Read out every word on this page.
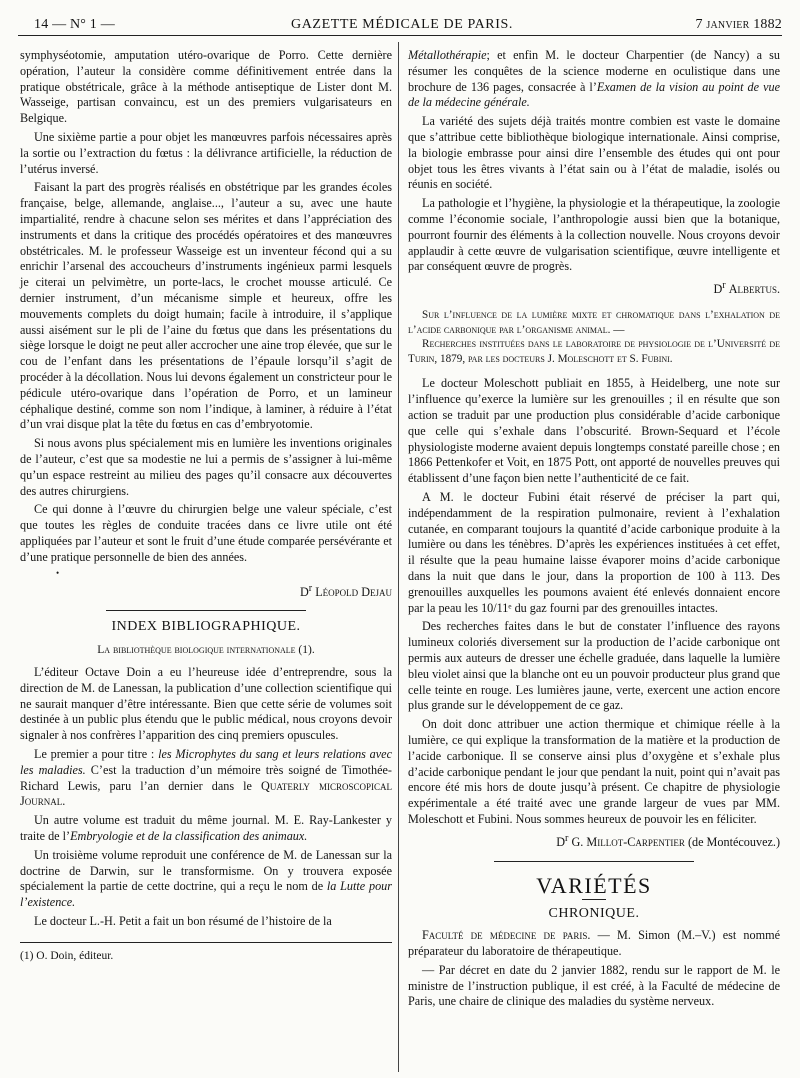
14 — N° 1 —	GAZETTE MÉDICALE DE PARIS.	7 janvier 1882

symphyséotomie, amputation utéro-ovarique de Porro. Cette dernière opération, l’auteur la considère comme définitivement entrée dans la pratique obstétricale, grâce à la méthode antiseptique de Lister dont M. Wasseige, partisan convaincu, est un des premiers vulgarisateurs en Belgique.

Une sixième partie a pour objet les manœuvres parfois nécessaires après la sortie ou l’extraction du fœtus : la délivrance artificielle, la réduction de l’utérus inversé.

Faisant la part des progrès réalisés en obstétrique par les grandes écoles française, belge, allemande, anglaise..., l’auteur a su, avec une haute impartialité, rendre à chacune selon ses mérites et dans l’appréciation des instruments et dans la critique des procédés opératoires et des manœuvres obstétricales. M. le professeur Wasseige est un inventeur fécond qui a su enrichir l’arsenal des accoucheurs d’instruments ingénieux parmi lesquels je citerai un pelvimètre, un porte-lacs, le crochet mousse articulé. Ce dernier instrument, d’un mécanisme simple et heureux, offre les mouvements complets du doigt humain; facile à introduire, il s’applique aussi aisément sur le pli de l’aine du fœtus que dans les présentations du siège lorsque le doigt ne peut aller accrocher une aine trop élevée, que sur le cou de l’enfant dans les présentations de l’épaule lorsqu’il s’agit de procéder à la décollation. Nous lui devons également un constricteur pour le pédicule utéro-ovarique dans l’opération de Porro, et un lamineur céphalique destiné, comme son nom l’indique, à laminer, à réduire à l’état d’un vrai disque plat la tête du fœtus en cas d’embryotomie.

Si nous avons plus spécialement mis en lumière les inventions originales de l’auteur, c’est que sa modestie ne lui a permis de s’assigner à lui-même qu’un espace restreint au milieu des pages qu’il consacre aux découvertes des autres chirurgiens.

Ce qui donne à l’œuvre du chirurgien belge une valeur spéciale, c’est que toutes les règles de conduite tracées dans ce livre utile ont été appliquées par l’auteur et sont le fruit d’une étude comparée persévérante et d’une pratique personnelle de bien des années.

•

$D^r$ Léopold Dejau

INDEX BIBLIOGRAPHIQUE.
La bibliothèque biologique internationale (1).

L’éditeur Octave Doin a eu l’heureuse idée d’entreprendre, sous la direction de M. de Lanessan, la publication d’une collection scientifique qui ne saurait manquer d’être intéressante. Bien que cette série de volumes soit destinée à un public plus étendu que le public médical, nous croyons devoir signaler à nos confrères l’apparition des cinq premiers opuscules.

Le premier a pour titre : les Microphytes du sang et leurs relations avec les maladies. C’est la traduction d’un mémoire très soigné de Timothée-Richard Lewis, paru l’an dernier dans le Quaterly microscopical Journal.

Un autre volume est traduit du même journal. M. E. Ray-Lankester y traite de l’Embryologie et de la classification des animaux.

Un troisième volume reproduit une conférence de M. de Lanessan sur la doctrine de Darwin, sur le transformisme. On y trouvera exposée spécialement la partie de cette doctrine, qui a reçu le nom de la Lutte pour l’existence.

Le docteur L.-H. Petit a fait un bon résumé de l’histoire de la

(1) O. Doin, éditeur.

Métallothérapie; et enfin M. le docteur Charpentier (de Nancy) a su résumer les conquêtes de la science moderne en oculistique dans une brochure de 136 pages, consacrée à l’Examen de la vision au point de vue de la médecine générale.

La variété des sujets déjà traités montre combien est vaste le domaine que s’attribue cette bibliothèque biologique internationale. Ainsi comprise, la biologie embrasse pour ainsi dire l’ensemble des études qui ont pour objet tous les êtres vivants à l’état sain ou à l’état de maladie, isolés ou réunis en société.

La pathologie et l’hygiène, la physiologie et la thérapeutique, la zoologie comme l’économie sociale, l’anthropologie aussi bien que la botanique, pourront fournir des éléments à la collection nouvelle. Nous croyons devoir applaudir à cette œuvre de vulgarisation scientifique, œuvre intelligente et par conséquent œuvre de progrès.

$D^r$ Albertus.

Sur l’influence de la lumière mixte et chromatique dans l’exhalation de l’acide carbonique par l’organisme animal. —
Recherches instituées dans le laboratoire de physiologie de l’Université de Turin, 1879, par les docteurs J. Moleschott et S. Fubini.

Le docteur Moleschott publiait en 1855, à Heidelberg, une note sur l’influence qu’exerce la lumière sur les grenouilles ; il en résulte que son action se traduit par une production plus considérable d’acide carbonique que celle qui s’exhale dans l’obscurité. Brown-Sequard et l’école physiologiste moderne avaient depuis longtemps constaté pareille chose ; en 1866 Pettenkofer et Voit, en 1875 Pott, ont apporté de nouvelles preuves qui établissent d’une façon bien nette l’authenticité de ce fait.

A M. le docteur Fubini était réservé de préciser la part qui, indépendamment de la respiration pulmonaire, revient à l’exhalation cutanée, en comparant toujours la quantité d’acide carbonique produite à la lumière ou dans les ténèbres. D’après les expériences instituées à cet effet, il résulte que la peau humaine laisse évaporer moins d’acide carbonique dans la nuit que dans le jour, dans la proportion de 100 à 113. Des grenouilles auxquelles les poumons avaient été enlevés donnaient encore par la peau les 10/11ᵉ du gaz fourni par des grenouilles intactes.

Des recherches faites dans le but de constater l’influence des rayons lumineux coloriés diversement sur la production de l’acide carbonique ont permis aux auteurs de dresser une échelle graduée, dans laquelle la lumière bleu violet ainsi que la blanche ont eu un pouvoir producteur plus grand que celle teinte en rouge. Les lumières jaune, verte, exercent une action encore plus grande sur le développement de ce gaz.

On doit donc attribuer une action thermique et chimique réelle à la lumière, ce qui explique la transformation de la matière et la production de l’acide carbonique. Il se conserve ainsi plus d’oxygène et s’exhale plus d’acide carbonique pendant le jour que pendant la nuit, point qui n’avait pas encore été mis hors de doute jusqu’à présent. Ce chapitre de physiologie expérimentale a été traité avec une grande largeur de vues par MM. Moleschott et Fubini. Nous sommes heureux de pouvoir les en féliciter.

$D^r$ G. Millot-Carpentier (de Montécouvez.)

VARIÉTÉS
CHRONIQUE.

Faculté de médecine de paris. — M. Simon (M.–V.) est nommé préparateur du laboratoire de thérapeutique.

— Par décret en date du 2 janvier 1882, rendu sur le rapport de M. le ministre de l’instruction publique, il est créé, à la Faculté de médecine de Paris, une chaire de clinique des maladies du système nerveux.
